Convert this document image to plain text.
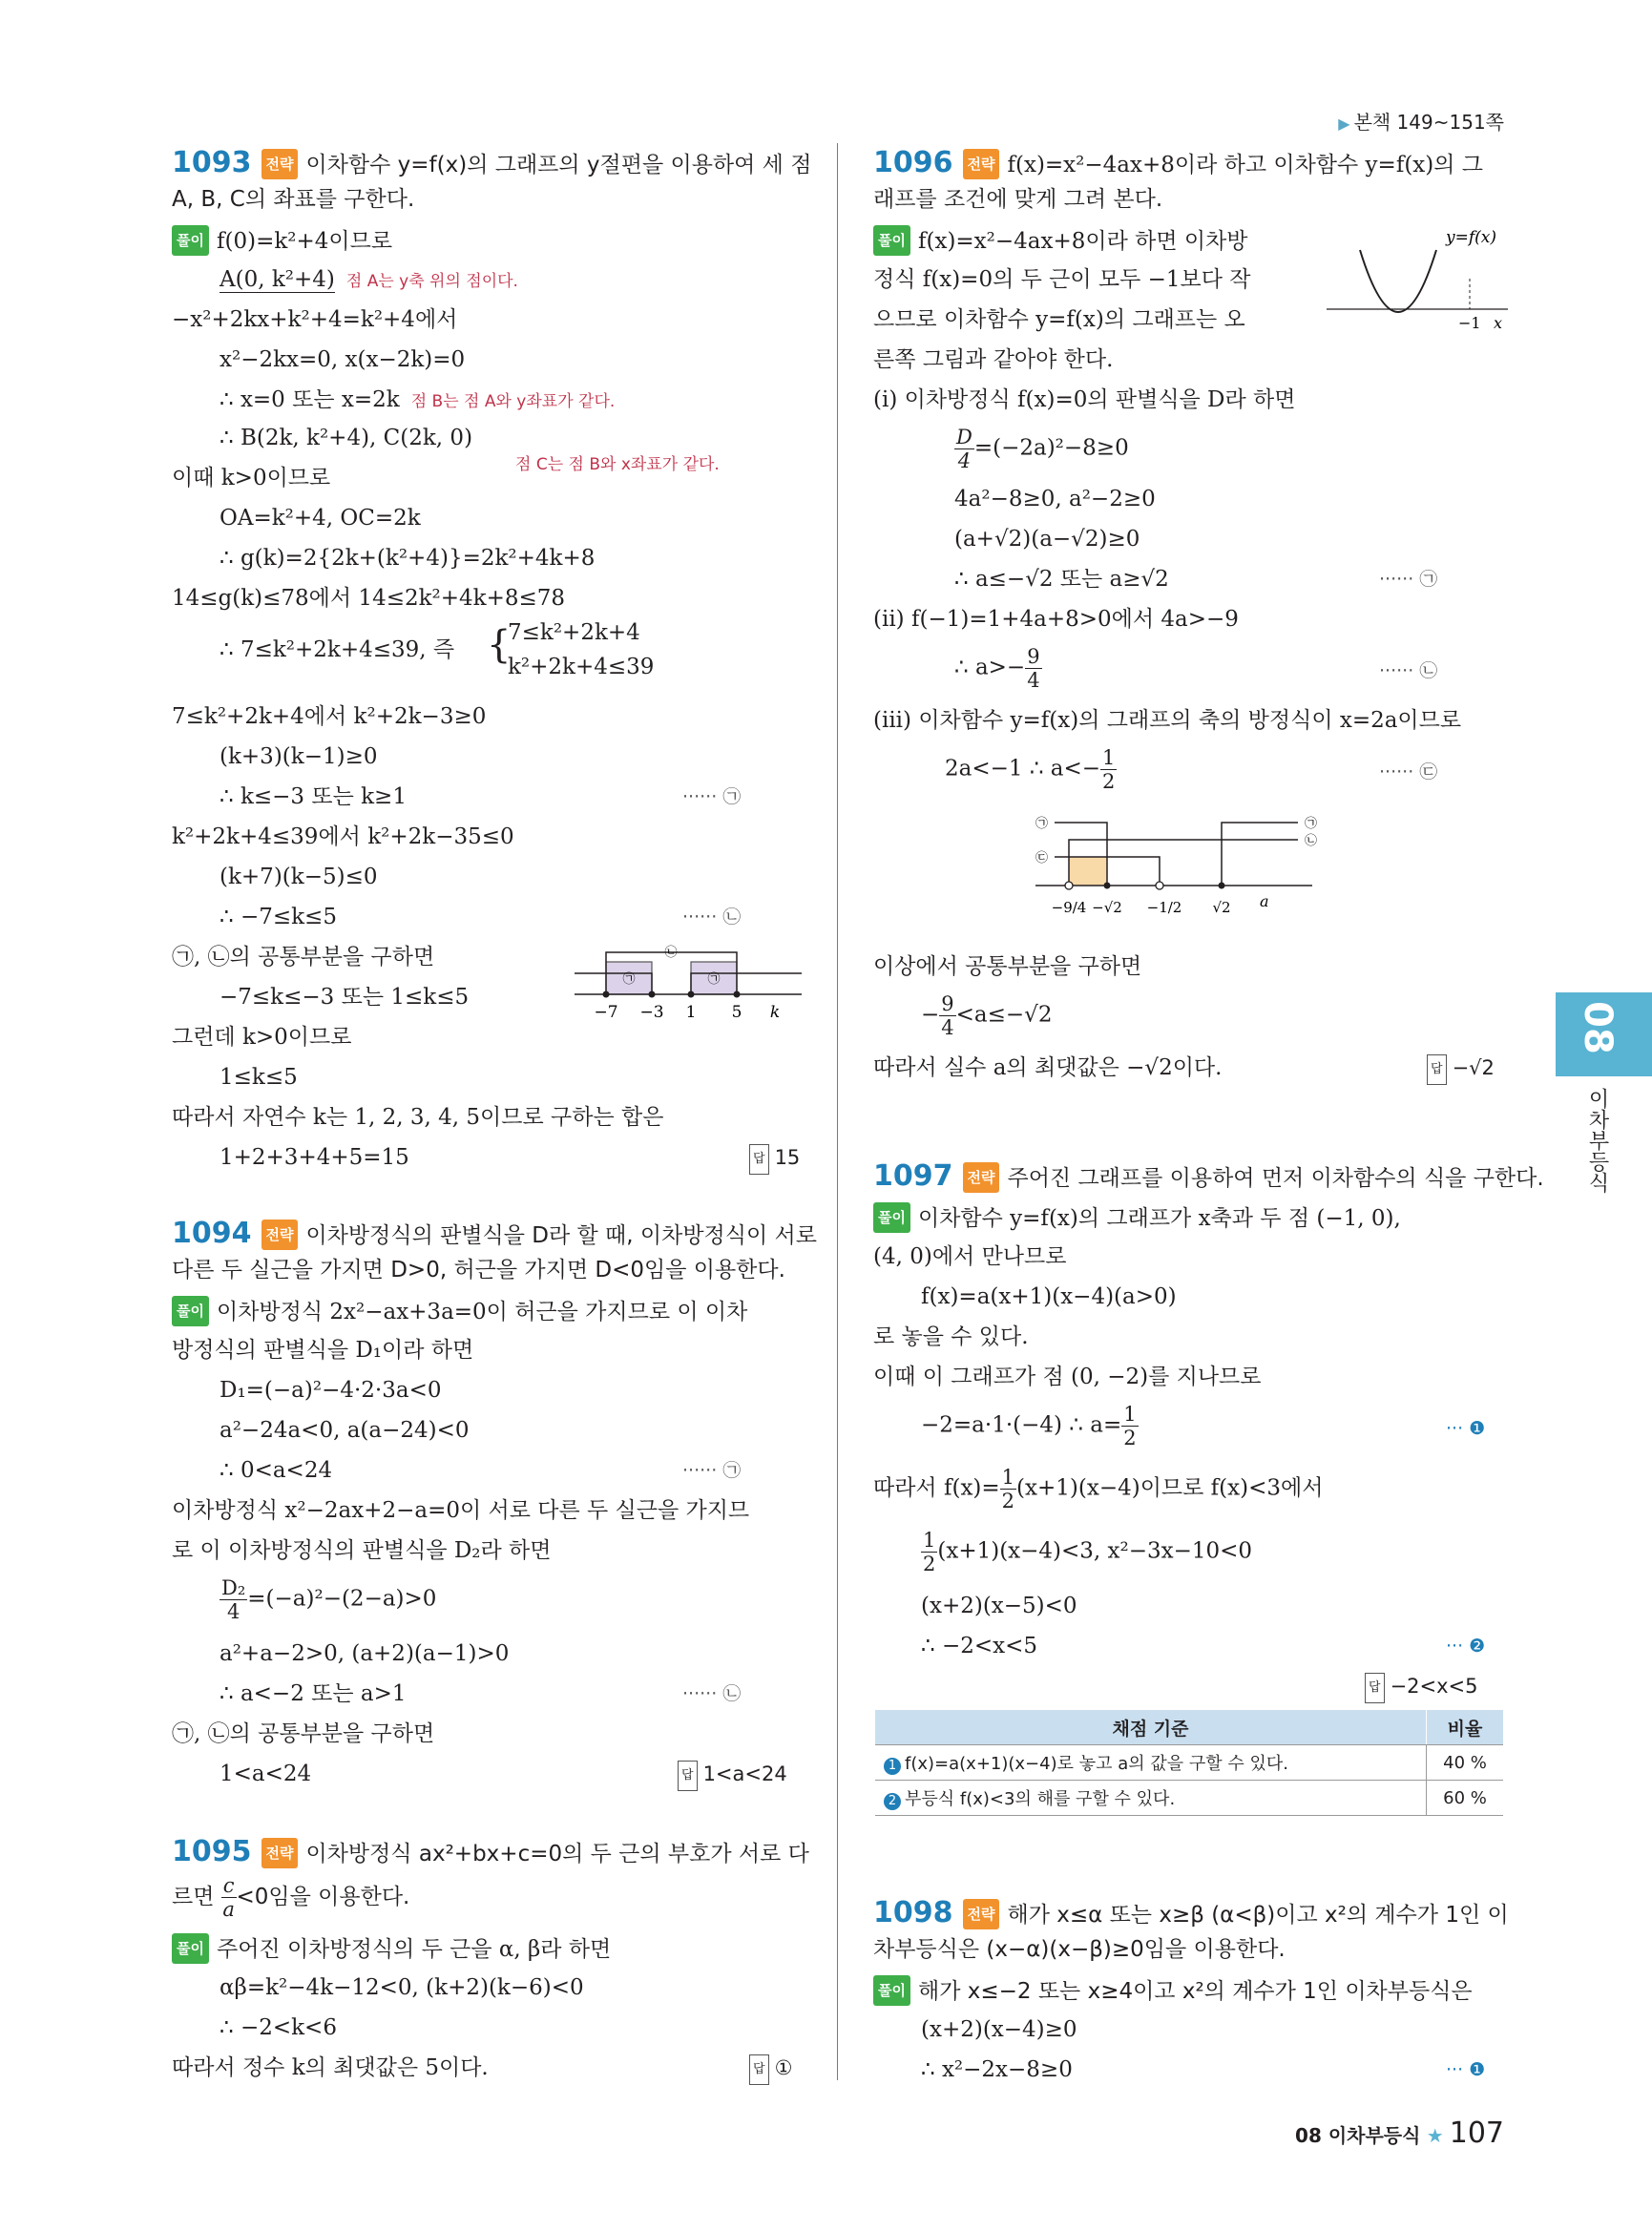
▶ 본책 149~151쪽
1093 전략 이차함수 y=f(x)의 그래프의 y절편을 이용하여 세 점
A, B, C의 좌표를 구한다.
풀이 f(0)=k²+4이므로
A(0, k²+4) 점 A는 y축 위의 점이다.
−x²+2kx+k²+4=k²+4에서
x²−2kx=0, x(x−2k)=0
∴ x=0 또는 x=2k 점 B는 점 A와 y좌표가 같다.
∴ B(2k, k²+4), C(2k, 0)
점 C는 점 B와 x좌표가 같다.
이때 k>0이므로
OA=k²+4, OC=2k
∴ g(k)=2{2k+(k²+4)}=2k²+4k+8
14≤g(k)≤78에서 14≤2k²+4k+8≤78
∴ 7≤k²+2k+4≤39, 즉 {
7≤k²+2k+4
k²+2k+4≤39
7≤k²+2k+4에서 k²+2k−3≥0
(k+3)(k−1)≥0
∴ k≤−3 또는 k≥1	······ ㉠
k²+2k+4≤39에서 k²+2k−35≤0
(k+7)(k−5)≤0
∴ −7≤k≤5	······ ㉡
㉠, ㉡의 공통부분을 구하면
−7≤k≤−3 또는 1≤k≤5
그런데 k>0이므로
1≤k≤5
따라서 자연수 k는 1, 2, 3, 4, 5이므로 구하는 합은
1+2+3+4+5=15	답 15
㉠	㉠
㉡
−7 −3 1 5 k
1094 전략 이차방정식의 판별식을 D라 할 때, 이차방정식이 서로
다른 두 실근을 가지면 D>0, 허근을 가지면 D<0임을 이용한다.
풀이 이차방정식 2x²−ax+3a=0이 허근을 가지므로 이 이차
방정식의 판별식을 D₁이라 하면
D₁=(−a)²−4·2·3a<0
a²−24a<0, a(a−24)<0
∴ 0<a<24	······ ㉠
이차방정식 x²−2ax+2−a=0이 서로 다른 두 실근을 가지므
로 이 이차방정식의 판별식을 D₂라 하면
$\frac{\text{D₂}}{4} =(-a)^2-(2-a)>0$
a²+a−2>0, (a+2)(a−1)>0
∴ a<−2 또는 a>1	······ ㉡
㉠, ㉡의 공통부분을 구하면
1<a<24	답 1<a<24
1095 전략 이차방정식 ax²+bx+c=0의 두 근의 부호가 서로 다
르면 $\frac{c}{a} <0$임을 이용한다.
풀이 주어진 이차방정식의 두 근을 α, β라 하면
αβ=k²−4k−12<0, (k+2)(k−6)<0
∴ −2<k<6
따라서 정수 k의 최댓값은 5이다.	답 ①
1096 전략 f(x)=x²−4ax+8이라 하고 이차함수 y=f(x)의 그
래프를 조건에 맞게 그려 본다.
풀이 f(x)=x²−4ax+8이라 하면 이차방
정식 f(x)=0의 두 근이 모두 −1보다 작
으므로 이차함수 y=f(x)의 그래프는 오
른쪽 그림과 같아야 한다.
y=f(x)
−1 x
(i) 이차방정식 f(x)=0의 판별식을 D라 하면
$\frac{D}{4} =(-2a)^2-8\ge 0$
4a²−8≥0, a²−2≥0
(a+√2)(a−√2)≥0
∴ a≤−√2 또는 a≥√2	······ ㉠
(ii) f(−1)=1+4a+8>0에서 4a>−9
∴ $a>- \frac{9}{4}$	······ ㉡
(iii) 이차함수 y=f(x)의 그래프의 축의 방정식이 x=2a이므로
2a<−1 ∴ $a<- \frac{1}{2}$	······ ㉢
㉠
㉢
㉠
㉡
−9/4 −√2 −1/2 √2 a
이상에서 공통부분을 구하면
− $\frac{9}{4} <a\le-√2$
따라서 실수 a의 최댓값은 −√2이다.	답 −√2
1097 전략 주어진 그래프를 이용하여 먼저 이차함수의 식을 구한다.
풀이 이차함수 y=f(x)의 그래프가 x축과 두 점 (−1, 0),
(4, 0)에서 만나므로
f(x)=a(x+1)(x−4)(a>0)
로 놓을 수 있다.
이때 이 그래프가 점 (0, −2)를 지나므로
−2=a·1·(−4) ∴ $a= \frac{1}{2}$	··· ❶
따라서 $f(x)= \frac{1}{2} (x+1)(x-4)$이므로 f(x)<3에서
$\frac{1}{2} (x+1)(x-4)<3$, x²−3x−10<0
(x+2)(x−5)<0
∴ −2<x<5	··· ❷
답 −2<x<5
1098 전략 해가 x≤α 또는 x≥β (α<β)이고 x²의 계수가 1인 이
차부등식은 (x−α)(x−β)≥0임을 이용한다.
풀이 해가 x≤−2 또는 x≥4이고 x²의 계수가 1인 이차부등식은
(x+2)(x−4)≥0
∴ x²−2x−8≥0	··· ❶
채점 기준	비율
1 f(x)=a(x+1)(x−4)로 놓고 a의 값을 구할 수 있다.	40 %
2 부등식 f(x)<3의 해를 구할 수 있다.	60 %
08
이차부등식
08 이차부등식 ★ 107
